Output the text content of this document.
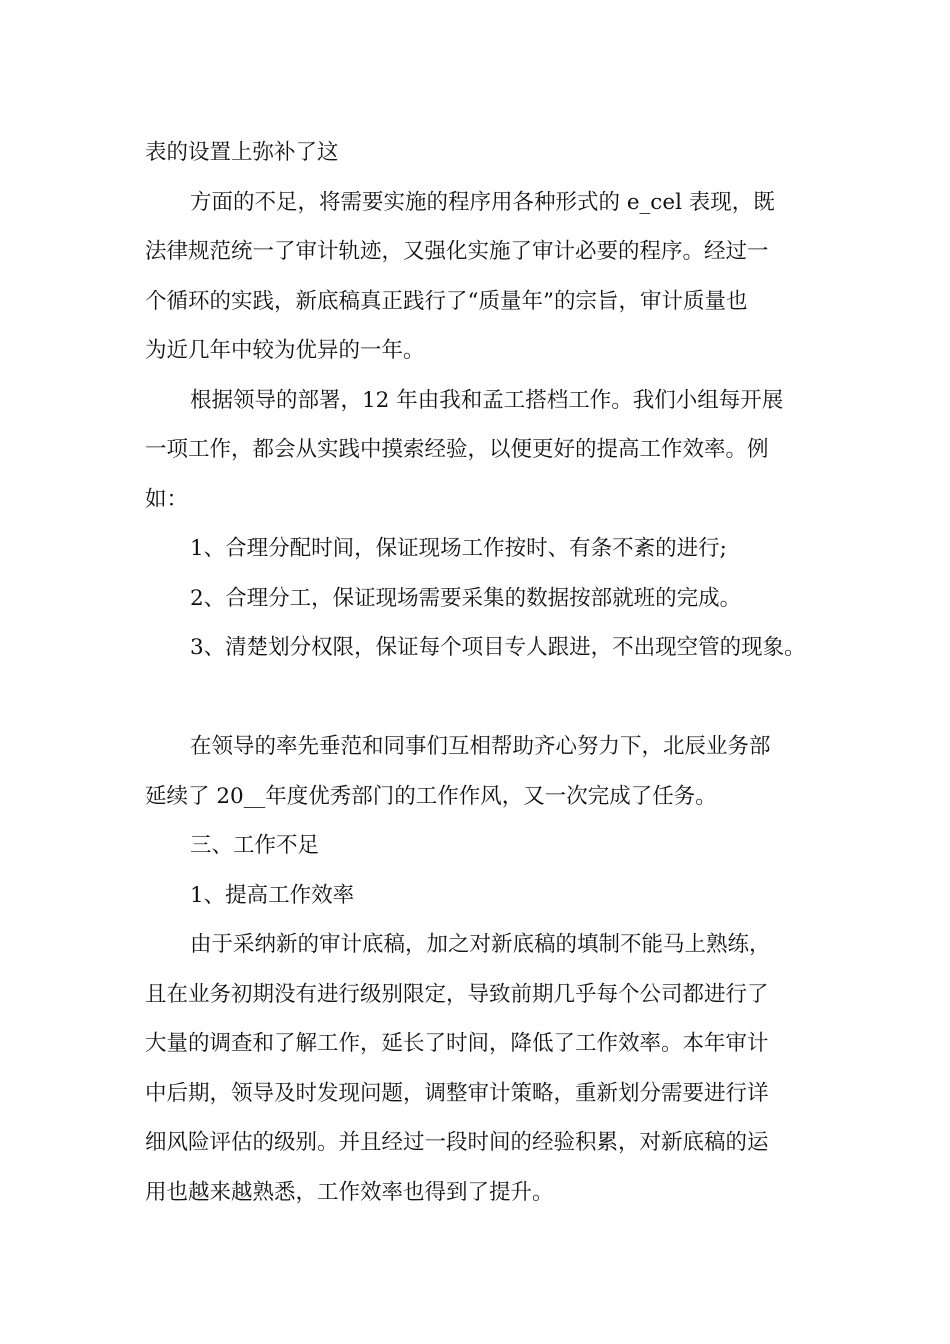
表的设置上弥补了这

方面的不足，将需要实施的程序用各种形式的 e_cel 表现，既

法律规范统一了审计轨迹，又强化实施了审计必要的程序。经过一

个循环的实践，新底稿真正践行了“质量年”的宗旨，审计质量也

为近几年中较为优异的一年。

根据领导的部署，12 年由我和孟工搭档工作。我们小组每开展

一项工作，都会从实践中摸索经验，以便更好的提高工作效率。例

如：

1、合理分配时间，保证现场工作按时、有条不紊的进行;

2、合理分工，保证现场需要采集的数据按部就班的完成。

3、清楚划分权限，保证每个项目专人跟进，不出现空管的现象。

在领导的率先垂范和同事们互相帮助齐心努力下，北辰业务部

延续了 20__年度优秀部门的工作作风，又一次完成了任务。

三、工作不足

1、提高工作效率

由于采纳新的审计底稿，加之对新底稿的填制不能马上熟练，

且在业务初期没有进行级别限定，导致前期几乎每个公司都进行了

大量的调查和了解工作，延长了时间，降低了工作效率。本年审计

中后期，领导及时发现问题，调整审计策略，重新划分需要进行详

细风险评估的级别。并且经过一段时间的经验积累，对新底稿的运

用也越来越熟悉，工作效率也得到了提升。
